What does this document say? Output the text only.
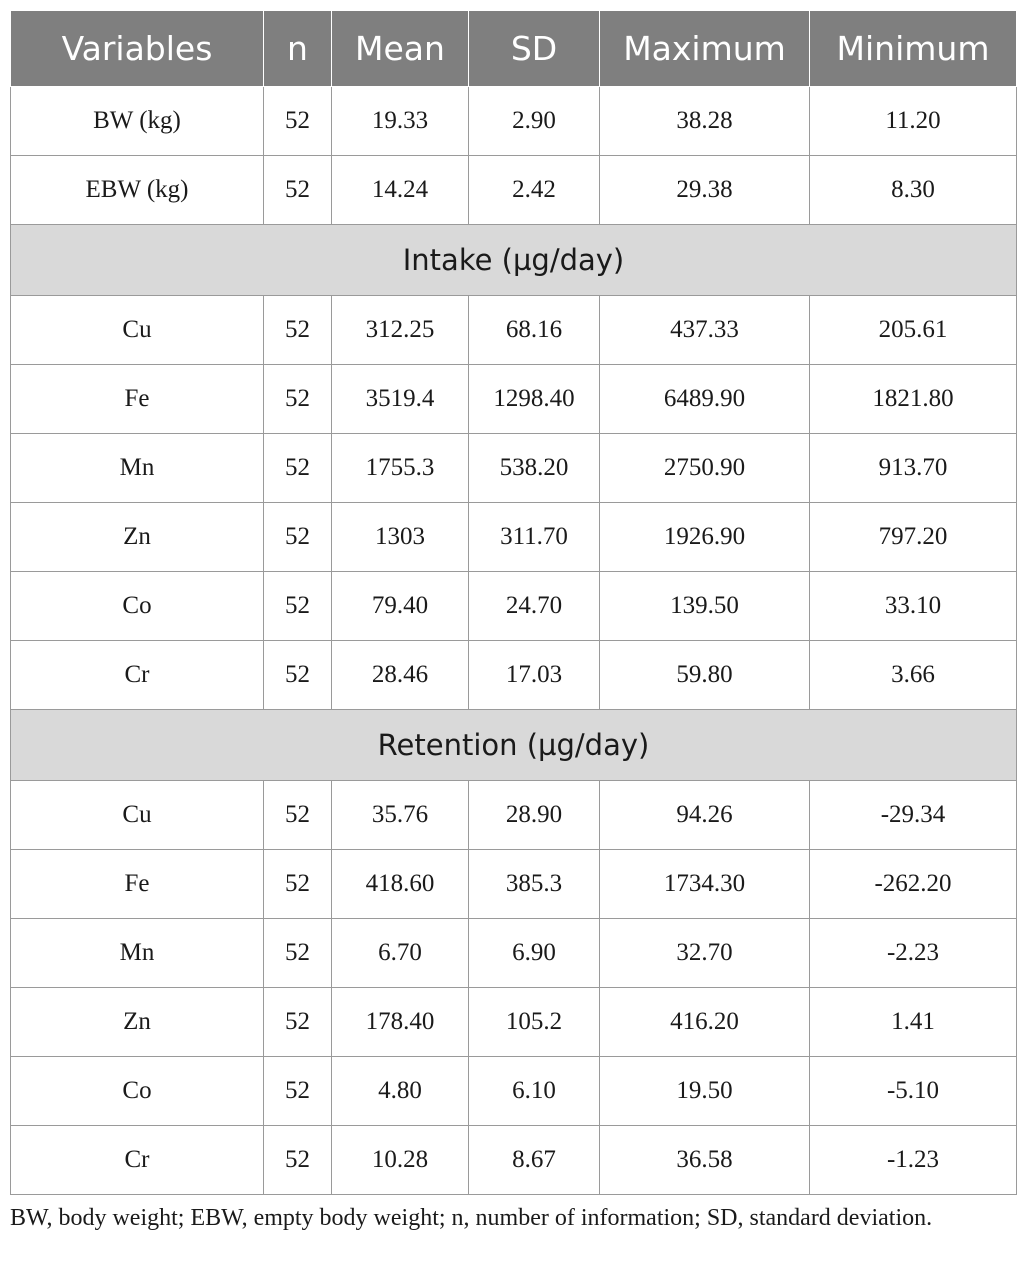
Variables	n	Mean	SD	Maximum	Minimum
BW (kg)	52	19.33	2.90	38.28	11.20
EBW (kg)	52	14.24	2.42	29.38	8.30
Intake (µg/day)					
Cu	52	312.25	68.16	437.33	205.61
Fe	52	3519.4	1298.40	6489.90	1821.80
Mn	52	1755.3	538.20	2750.90	913.70
Zn	52	1303	311.70	1926.90	797.20
Co	52	79.40	24.70	139.50	33.10
Cr	52	28.46	17.03	59.80	3.66
Retention (µg/day)					
Cu	52	35.76	28.90	94.26	-29.34
Fe	52	418.60	385.3	1734.30	-262.20
Mn	52	6.70	6.90	32.70	-2.23
Zn	52	178.40	105.2	416.20	1.41
Co	52	4.80	6.10	19.50	-5.10
Cr	52	10.28	8.67	36.58	-1.23
BW, body weight; EBW, empty body weight; n, number of information; SD, standard deviation.
